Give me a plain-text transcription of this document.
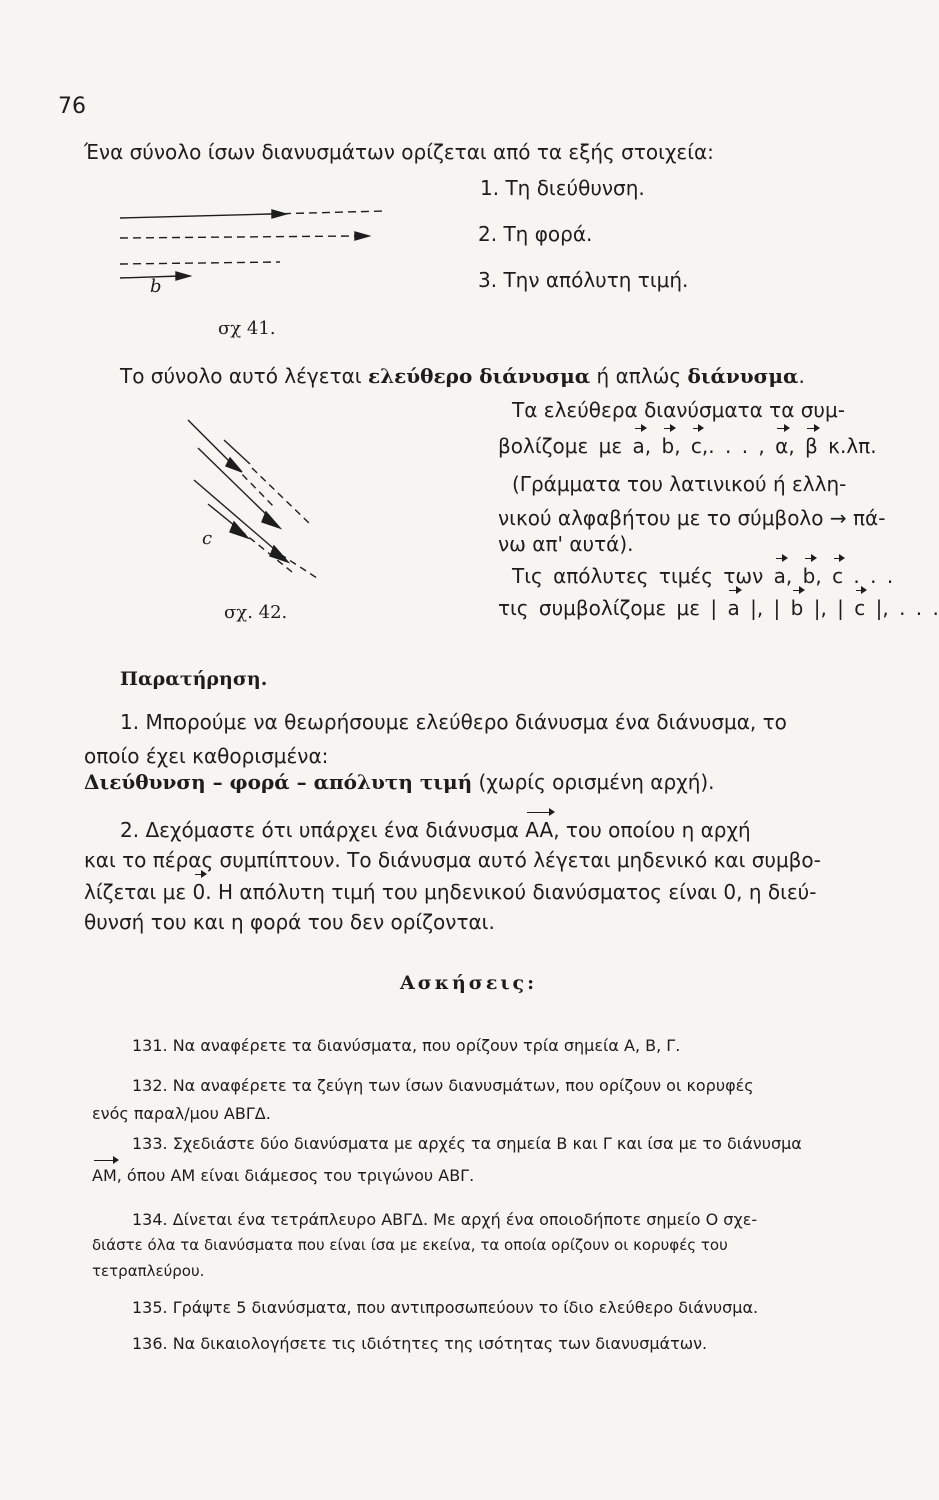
76
Ένα σύνολο ίσων διανυσμάτων ορίζεται από τα εξής στοιχεία:
b
σχ 41.
1. Τη διεύθυνση.
2. Τη φορά.
3. Την απόλυτη τιμή.
Το σύνολο αυτό λέγεται ελεύθερο διάνυσμα ή απλώς διάνυσμα.
c
σχ. 42.
Τα ελεύθερα διανύσματα τα συμ-
βολίζομε με a, b, c,. . . , α, β κ.λπ.
(Γράμματα του λατινικού ή ελλη-
νικού αλφαβήτου με το σύμβολο → πά-
νω απ' αυτά).
Τις απόλυτες τιμές των a, b, c . . .
τις συμβολίζομε με | a |, | b |, | c |, . . .
Παρατήρηση.
1. Μπορούμε να θεωρήσουμε ελεύθερο διάνυσμα ένα διάνυσμα, το
οποίο έχει καθορισμένα:
Διεύθυνση – φορά – απόλυτη τιμή (χωρίς ορισμένη αρχή).
2. Δεχόμαστε ότι υπάρχει ένα διάνυσμα AA, του οποίου η αρχή
και το πέρας συμπίπτουν. Το διάνυσμα αυτό λέγεται μηδενικό και συμβο-
λίζεται με 0. Η απόλυτη τιμή του μηδενικού διανύσματος είναι 0, η διεύ-
θυνσή του και η φορά του δεν ορίζονται.
Ασκήσεις:
131. Να αναφέρετε τα διανύσματα, που ορίζουν τρία σημεία Α, Β, Γ.
132. Να αναφέρετε τα ζεύγη των ίσων διανυσμάτων, που ορίζουν οι κορυφές
ενός παραλ/μου ΑΒΓΔ.
133. Σχεδιάστε δύο διανύσματα με αρχές τα σημεία Β και Γ και ίσα με το διάνυσμα
AM, όπου ΑΜ είναι διάμεσος του τριγώνου ΑΒΓ.
134. Δίνεται ένα τετράπλευρο ΑΒΓΔ. Με αρχή ένα οποιοδήποτε σημείο Ο σχε-
διάστε όλα τα διανύσματα που είναι ίσα με εκείνα, τα οποία ορίζουν οι κορυφές του
τετραπλεύρου.
135. Γράψτε 5 διανύσματα, που αντιπροσωπεύουν το ίδιο ελεύθερο διάνυσμα.
136. Να δικαιολογήσετε τις ιδιότητες της ισότητας των διανυσμάτων.
